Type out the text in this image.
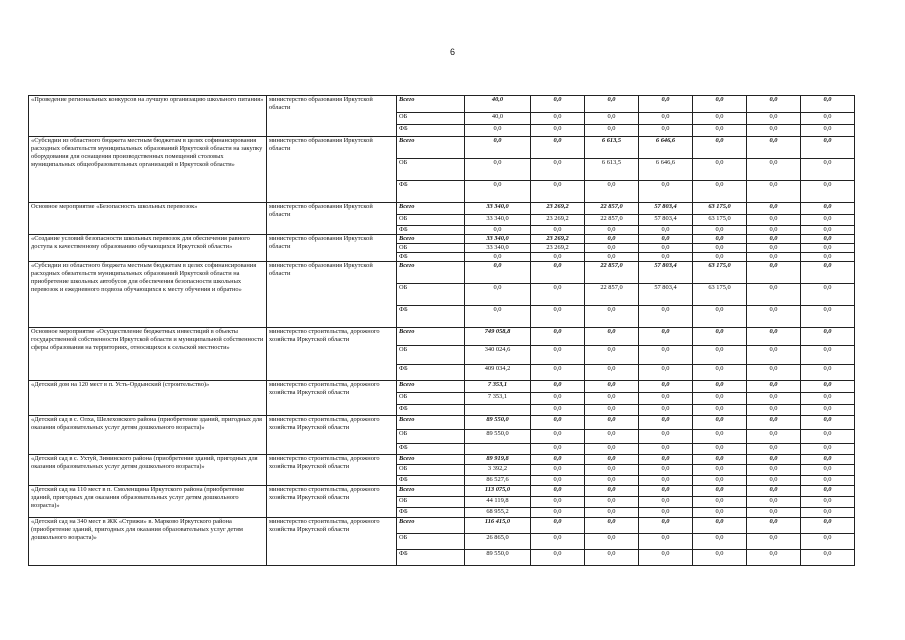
6
«Проведение региональных конкурсов на лучшую организацию школьного питания»	министерство образования Иркутской области	Всего	40,0	0,0	0,0	0,0	0,0	0,0	0,0
		ОБ	40,0	0,0	0,0	0,0	0,0	0,0	0,0
		ФБ	0,0	0,0	0,0	0,0	0,0	0,0	0,0
«Субсидии из областного бюджета местным бюджетам в целях софинансирования расходных обязательств муниципальных образований Иркутской области на закупку оборудования для оснащения производственных помещений столовых муниципальных общеобразовательных организаций в Иркутской области»	министерство образования Иркутской области	Всего	0,0	0,0	6 613,5	6 646,6	0,0	0,0	0,0
		ОБ	0,0	0,0	6 613,5	6 646,6	0,0	0,0	0,0
		ФБ	0,0	0,0	0,0	0,0	0,0	0,0	0,0
Основное мероприятие «Безопасность школьных перевозок»	министерство образования Иркутской области	Всего	33 340,0	23 269,2	22 857,0	57 803,4	63 175,0	0,0	0,0
		ОБ	33 340,0	23 269,2	22 857,0	57 803,4	63 175,0	0,0	0,0
		ФБ	0,0	0,0	0,0	0,0	0,0	0,0	0,0
«Создание условий безопасности школьных перевозок для обеспечения равного доступа к качественному образованию обучающихся Иркутской области»	министерство образования Иркутской области	Всего	33 340,0	23 269,2	0,0	0,0	0,0	0,0	0,0
		ОБ	33 340,0	23 269,2	0,0	0,0	0,0	0,0	0,0
		ФБ	0,0	0,0	0,0	0,0	0,0	0,0	0,0
«Субсидии из областного бюджета местным бюджетам в целях софинансирования расходных обязательств муниципальных образований Иркутской области на приобретение школьных автобусов для обеспечения безопасности школьных перевозок и ежедневного подвоза обучающихся к месту обучения и обратно»	министерство образования Иркутской области	Всего	0,0	0,0	22 857,0	57 803,4	63 175,0	0,0	0,0
		ОБ	0,0	0,0	22 857,0	57 803,4	63 175,0	0,0	0,0
		ФБ	0,0	0,0	0,0	0,0	0,0	0,0	0,0
Основное мероприятие «Осуществление бюджетных инвестиций в объекты государственной собственности Иркутской области и муниципальной собственности сферы образования на территориях, относящихся к сельской местности»	министерство строительства, дорожного хозяйства Иркутской области	Всего	749 058,8	0,0	0,0	0,0	0,0	0,0	0,0
		ОБ	340 024,6	0,0	0,0	0,0	0,0	0,0	0,0
		ФБ	409 034,2	0,0	0,0	0,0	0,0	0,0	0,0
«Детский дом на 120 мест в п. Усть-Ордынский (строительство)»	министерство строительства, дорожного хозяйства Иркутской области	Всего	7 353,1	0,0	0,0	0,0	0,0	0,0	0,0
		ОБ	7 353,1	0,0	0,0	0,0	0,0	0,0	0,0
		ФБ		0,0	0,0	0,0	0,0	0,0	0,0
«Детский сад в с. Олха, Шелеховского района (приобретение зданий, пригодных для оказания образовательных услуг детям дошкольного возраста)»	министерство строительства, дорожного хозяйства Иркутской области	Всего	89 550,0	0,0	0,0	0,0	0,0	0,0	0,0
		ОБ	89 550,0	0,0	0,0	0,0	0,0	0,0	0,0
		ФБ		0,0	0,0	0,0	0,0	0,0	0,0
«Детский сад в с. Ухтуй, Зиминского района (приобретение зданий, пригодных для оказания образовательных услуг детям дошкольного возраста)»	министерство строительства, дорожного хозяйства Иркутской области	Всего	89 919,8	0,0	0,0	0,0	0,0	0,0	0,0
		ОБ	3 392,2	0,0	0,0	0,0	0,0	0,0	0,0
		ФБ	86 527,6	0,0	0,0	0,0	0,0	0,0	0,0
«Детский сад на 110 мест в п. Смоленщина Иркутского района (приобретение зданий, пригодных для оказания образовательных услуг детям дошкольного возраста)»	министерство строительства, дорожного хозяйства Иркутской области	Всего	113 075,0	0,0	0,0	0,0	0,0	0,0	0,0
		ОБ	44 119,8	0,0	0,0	0,0	0,0	0,0	0,0
		ФБ	68 955,2	0,0	0,0	0,0	0,0	0,0	0,0
«Детский сад на 340 мест в ЖК «Стрижи» в. Марково Иркутского района (приобретение зданий, пригодных для оказания образовательных услуг детям дошкольного возраста)»	министерство строительства, дорожного хозяйства Иркутской области	Всего	116 415,0	0,0	0,0	0,0	0,0	0,0	0,0
		ОБ	26 865,0	0,0	0,0	0,0	0,0	0,0	0,0
		ФБ	89 550,0	0,0	0,0	0,0	0,0	0,0	0,0
